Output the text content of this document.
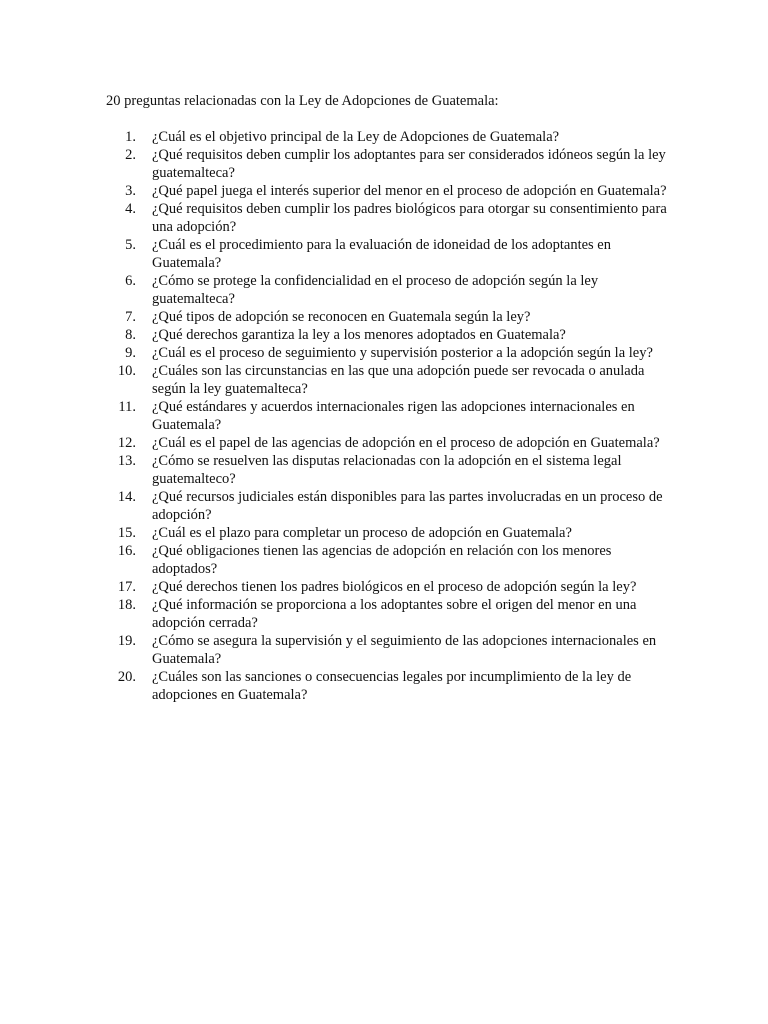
20 preguntas relacionadas con la Ley de Adopciones de Guatemala:

1.	¿Cuál es el objetivo principal de la Ley de Adopciones de Guatemala?
2.	¿Qué requisitos deben cumplir los adoptantes para ser considerados idóneos según la ley guatemalteca?
3.	¿Qué papel juega el interés superior del menor en el proceso de adopción en Guatemala?
4.	¿Qué requisitos deben cumplir los padres biológicos para otorgar su consentimiento para una adopción?
5.	¿Cuál es el procedimiento para la evaluación de idoneidad de los adoptantes en Guatemala?
6.	¿Cómo se protege la confidencialidad en el proceso de adopción según la ley guatemalteca?
7.	¿Qué tipos de adopción se reconocen en Guatemala según la ley?
8.	¿Qué derechos garantiza la ley a los menores adoptados en Guatemala?
9.	¿Cuál es el proceso de seguimiento y supervisión posterior a la adopción según la ley?
10.	¿Cuáles son las circunstancias en las que una adopción puede ser revocada o anulada según la ley guatemalteca?
11.	¿Qué estándares y acuerdos internacionales rigen las adopciones internacionales en Guatemala?
12.	¿Cuál es el papel de las agencias de adopción en el proceso de adopción en Guatemala?
13.	¿Cómo se resuelven las disputas relacionadas con la adopción en el sistema legal guatemalteco?
14.	¿Qué recursos judiciales están disponibles para las partes involucradas en un proceso de adopción?
15.	¿Cuál es el plazo para completar un proceso de adopción en Guatemala?
16.	¿Qué obligaciones tienen las agencias de adopción en relación con los menores adoptados?
17.	¿Qué derechos tienen los padres biológicos en el proceso de adopción según la ley?
18.	¿Qué información se proporciona a los adoptantes sobre el origen del menor en una adopción cerrada?
19.	¿Cómo se asegura la supervisión y el seguimiento de las adopciones internacionales en Guatemala?
20.	¿Cuáles son las sanciones o consecuencias legales por incumplimiento de la ley de adopciones en Guatemala?
